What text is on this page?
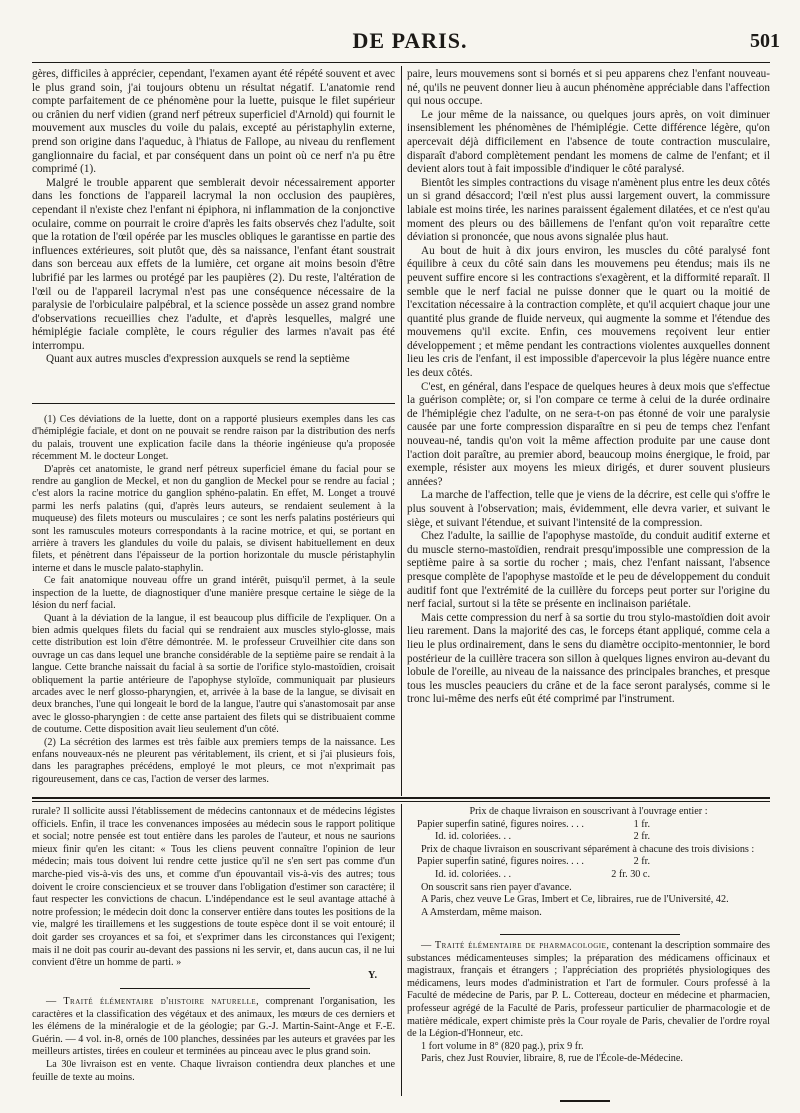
DE PARIS.	501

gères, difficiles à apprécier, cependant, l'examen ayant été répété souvent et avec le plus grand soin, j'ai toujours obtenu un résultat négatif. L'anatomie rend compte parfaitement de ce phénomène pour la luette, puisque le filet supérieur ou crânien du nerf vidien (grand nerf pétreux superficiel d'Arnold) qui fournit le mouvement aux muscles du voile du palais, excepté au péristaphylin externe, prend son origine dans l'aqueduc, à l'hiatus de Fallope, au niveau du renflement ganglionnaire du facial, et par conséquent dans un point où ce nerf n'a pu être comprimé (1).

Malgré le trouble apparent que semblerait devoir nécessairement apporter dans les fonctions de l'appareil lacrymal la non occlusion des paupières, cependant il n'existe chez l'enfant ni épiphora, ni inflammation de la conjonctive oculaire, comme on pourrait le croire d'après les faits observés chez l'adulte, soit que la rotation de l'œil opérée par les muscles obliques le garantisse en partie des influences extérieures, soit plutôt que, dès sa naissance, l'enfant étant soustrait dans son berceau aux effets de la lumière, cet organe ait moins besoin d'être lubrifié par les larmes ou protégé par les paupières (2). Du reste, l'altération de l'œil ou de l'appareil lacrymal n'est pas une conséquence nécessaire de la paralysie de l'orbiculaire palpébral, et la science possède un assez grand nombre d'observations recueillies chez l'adulte, et d'après lesquelles, malgré une hémiplégie faciale complète, le cours régulier des larmes n'avait pas été interrompu.

Quant aux autres muscles d'expression auxquels se rend la septième

(1) Ces déviations de la luette, dont on a rapporté plusieurs exemples dans les cas d'hémiplégie faciale, et dont on ne pouvait se rendre raison par la distribution des nerfs du palais, trouvent une explication facile dans la théorie ingénieuse qu'a proposée récemment M. le docteur Longet.

D'après cet anatomiste, le grand nerf pétreux superficiel émane du facial pour se rendre au ganglion de Meckel, et non du ganglion de Meckel pour se rendre au facial ; c'est alors la racine motrice du ganglion sphéno-palatin. En effet, M. Longet a trouvé parmi les nerfs palatins (qui, d'après leurs auteurs, se rendaient seulement à la muqueuse) des filets moteurs ou musculaires ; ce sont les nerfs palatins postérieurs qui sont les ramuscules moteurs correspondants à la racine motrice, et qui, se portant en arrière à travers les glandules du voile du palais, se divisent habituellement en deux filets, et pénètrent dans l'épaisseur de la portion horizontale du muscle péristaphylin interne et dans le muscle palato-staphylin.

Ce fait anatomique nouveau offre un grand intérêt, puisqu'il permet, à la seule inspection de la luette, de diagnostiquer d'une manière presque certaine le siège de la lésion du nerf facial.

Quant à la déviation de la langue, il est beaucoup plus difficile de l'expliquer. On a bien admis quelques filets du facial qui se rendraient aux muscles stylo-glosse, mais cette distribution est loin d'être démontrée. M. le professeur Cruveilhier cite dans son ouvrage un cas dans lequel une branche considérable de la septième paire se rendait à la langue. Cette branche naissait du facial à sa sortie de l'orifice stylo-mastoïdien, croisait obliquement la partie antérieure de l'apophyse styloïde, communiquait par plusieurs arcades avec le nerf glosso-pharyngien, et, arrivée à la base de la langue, se divisait en deux branches, l'une qui longeait le bord de la langue, l'autre qui s'anastomosait par anse avec le glosso-pharyngien : de cette anse partaient des filets qui se distribuaient comme de coutume. Cette disposition avait lieu seulement d'un côté.

(2) La sécrétion des larmes est très faible aux premiers temps de la naissance. Les enfans nouveaux-nés ne pleurent pas véritablement, ils crient, et si j'ai plusieurs fois, dans les paragraphes précédens, employé le mot pleurs, ce mot n'exprimait pas rigoureusement, dans ce cas, l'action de verser des larmes.

paire, leurs mouvemens sont si bornés et si peu apparens chez l'enfant nouveau-né, qu'ils ne peuvent donner lieu à aucun phénomène appréciable dans l'affection qui nous occupe.

Le jour même de la naissance, ou quelques jours après, on voit diminuer insensiblement les phénomènes de l'hémiplégie. Cette différence légère, qu'on apercevait déjà difficilement en l'absence de toute contraction musculaire, disparaît d'abord complètement pendant les momens de calme de l'enfant; et il devient alors tout à fait impossible d'indiquer le côté paralysé.

Bientôt les simples contractions du visage n'amènent plus entre les deux côtés un si grand désaccord; l'œil n'est plus aussi largement ouvert, la commissure labiale est moins tirée, les narines paraissent également dilatées, et ce n'est qu'au moment des pleurs ou des bâillemens de l'enfant qu'on voit reparaître cette déviation si prononcée, que nous avons signalée plus haut.

Au bout de huit à dix jours environ, les muscles du côté paralysé font équilibre à ceux du côté sain dans les mouvemens peu étendus; mais ils ne peuvent suffire encore si les contractions s'exagèrent, et la difformité reparaît. Il semble que le nerf facial ne puisse donner que le quart ou la moitié de l'excitation nécessaire à la contraction complète, et qu'il acquiert chaque jour une quantité plus grande de fluide nerveux, qui augmente la somme et l'étendue des mouvemens qu'il excite. Enfin, ces mouvemens reçoivent leur entier développement ; et même pendant les contractions violentes auxquelles donnent lieu les cris de l'enfant, il est impossible d'apercevoir la plus légère nuance entre les deux côtés.

C'est, en général, dans l'espace de quelques heures à deux mois que s'effectue la guérison complète; or, si l'on compare ce terme à celui de la durée ordinaire de l'hémiplégie chez l'adulte, on ne sera-t-on pas étonné de voir une paralysie causée par une forte compression disparaître en si peu de temps chez l'enfant nouveau-né, tandis qu'on voit la même affection produite par une cause dont l'action doit paraître, au premier abord, beaucoup moins énergique, le froid, par exemple, résister aux moyens les mieux dirigés, et durer souvent plusieurs années?

La marche de l'affection, telle que je viens de la décrire, est celle qui s'offre le plus souvent à l'observation; mais, évidemment, elle devra varier, et suivant le siège, et suivant l'étendue, et suivant l'intensité de la compression.

Chez l'adulte, la saillie de l'apophyse mastoïde, du conduit auditif externe et du muscle sterno-mastoïdien, rendrait presqu'impossible une compression de la septième paire à sa sortie du rocher ; mais, chez l'enfant naissant, l'absence presque complète de l'apophyse mastoïde et le peu de développement du conduit auditif font que l'extrémité de la cuillère du forceps peut porter sur l'origine du nerf facial, surtout si la tête se présente en inclinaison pariétale.

Mais cette compression du nerf à sa sortie du trou stylo-mastoïdien doit avoir lieu rarement. Dans la majorité des cas, le forceps étant appliqué, comme cela a lieu le plus ordinairement, dans le sens du diamètre occipito-mentonnier, le bord postérieur de la cuillère tracera son sillon à quelques lignes environ au-devant du lobule de l'oreille, au niveau de la naissance des principales branches, et presque tous les muscles peauciers du crâne et de la face seront paralysés, comme si le tronc lui-même des nerfs eût été comprimé par l'instrument.

rurale? Il sollicite aussi l'établissement de médecins cantonnaux et de médecins légistes officiels. Enfin, il trace les convenances imposées au médecin sous le rapport politique et social; notre pensée est tout entière dans les paroles de l'auteur, et nous ne saurions mieux finir qu'en les citant: « Tous les cliens peuvent connaître l'opinion de leur médecin; mais tous doivent lui rendre cette justice qu'il ne s'en sert pas comme d'un marche-pied vis-à-vis des uns, et comme d'un épouvantail vis-à-vis des autres; tous doivent le croire consciencieux et se trouver dans l'obligation d'estimer son caractère; il faut respecter les convictions de chacun. L'indépendance est le seul avantage attaché à notre profession; le médecin doit donc la conserver entière dans toutes les positions de la vie, malgré les tiraillemens et les suggestions de toute espèce dont il se voit entouré; il doit garder ses croyances et sa foi, et s'exprimer dans les circonstances qui l'exigent; mais il ne doit pas courir au-devant des passions ni les servir, et, dans aucun cas, il ne lui convient d'être un homme de parti. »

Y.

— Traité élémentaire d'histoire naturelle, comprenant l'organisation, les caractères et la classification des végétaux et des animaux, les mœurs de ces derniers et les élémens de la minéralogie et de la géologie; par G.-J. Martin-Saint-Ange et F.-E. Guérin. — 4 vol. in-8, ornés de 100 planches, dessinées par les auteurs et gravées par les meilleurs artistes, tirées en couleur et terminées au pinceau avec le plus grand soin.

La 30e livraison est en vente. Chaque livraison contiendra deux planches et une feuille de texte au moins.

Prix de chaque livraison en souscrivant à l'ouvrage entier :

Papier superfin satiné, figures noires. . . .	1 fr.
Id. id. coloriées. . .	2 fr.

Prix de chaque livraison en souscrivant séparément à chacune des trois divisions :

Papier superfin satiné, figures noires. . . .	2 fr.
Id. id. coloriées. . .	2 fr. 30 c.

On souscrit sans rien payer d'avance.

A Paris, chez veuve Le Gras, Imbert et Ce, libraires, rue de l'Université, 42.

A Amsterdam, même maison.

— Traité élémentaire de pharmacologie, contenant la description sommaire des substances médicamenteuses simples; la préparation des médicamens officinaux et magistraux, français et étrangers ; l'appréciation des propriétés physiologiques des médicamens, leurs modes d'administration et l'art de formuler. Cours professé à la Faculté de médecine de Paris, par P. L. Cottereau, docteur en médecine et pharmacien, professeur agrégé de la Faculté de Paris, professeur particulier de pharmacologie et de matière médicale, expert chimiste près la Cour royale de Paris, chevalier de l'ordre royal de la Légion-d'Honneur, etc.

1 fort volume in 8° (820 pag.), prix 9 fr.

Paris, chez Just Rouvier, libraire, 8, rue de l'École-de-Médecine.
